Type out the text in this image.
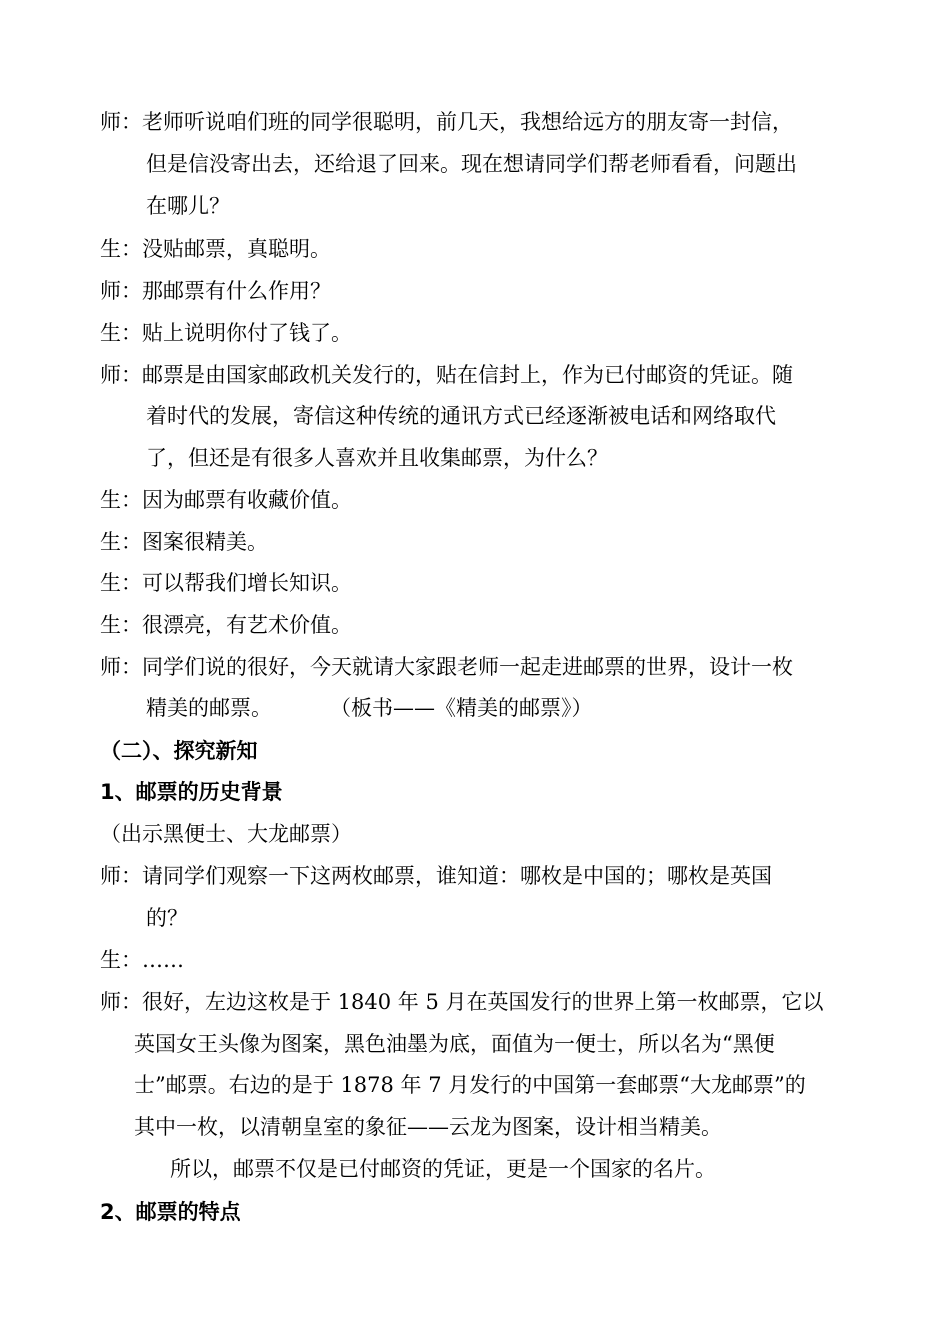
师：老师听说咱们班的同学很聪明，前几天，我想给远方的朋友寄一封信，
但是信没寄出去，还给退了回来。现在想请同学们帮老师看看，问题出
在哪儿？
生：没贴邮票，真聪明。
师：那邮票有什么作用？
生：贴上说明你付了钱了。
师：邮票是由国家邮政机关发行的，贴在信封上，作为已付邮资的凭证。随
着时代的发展，寄信这种传统的通讯方式已经逐渐被电话和网络取代
了，但还是有很多人喜欢并且收集邮票，为什么？
生：因为邮票有收藏价值。
生：图案很精美。
生：可以帮我们增长知识。
生：很漂亮，有艺术价值。
师：同学们说的很好，今天就请大家跟老师一起走进邮票的世界，设计一枚
精美的邮票。	（板书——《精美的邮票》）
（二）、探究新知
1、邮票的历史背景
（出示黑便士、大龙邮票）
师：请同学们观察一下这两枚邮票，谁知道：哪枚是中国的；哪枚是英国
的？
生：……
师：很好，左边这枚是于 1840 年 5 月在英国发行的世界上第一枚邮票，它以
英国女王头像为图案，黑色油墨为底，面值为一便士，所以名为“黑便
士”邮票。右边的是于 1878 年 7 月发行的中国第一套邮票“大龙邮票”的
其中一枚，以清朝皇室的象征——云龙为图案，设计相当精美。
所以，邮票不仅是已付邮资的凭证，更是一个国家的名片。
2、邮票的特点
